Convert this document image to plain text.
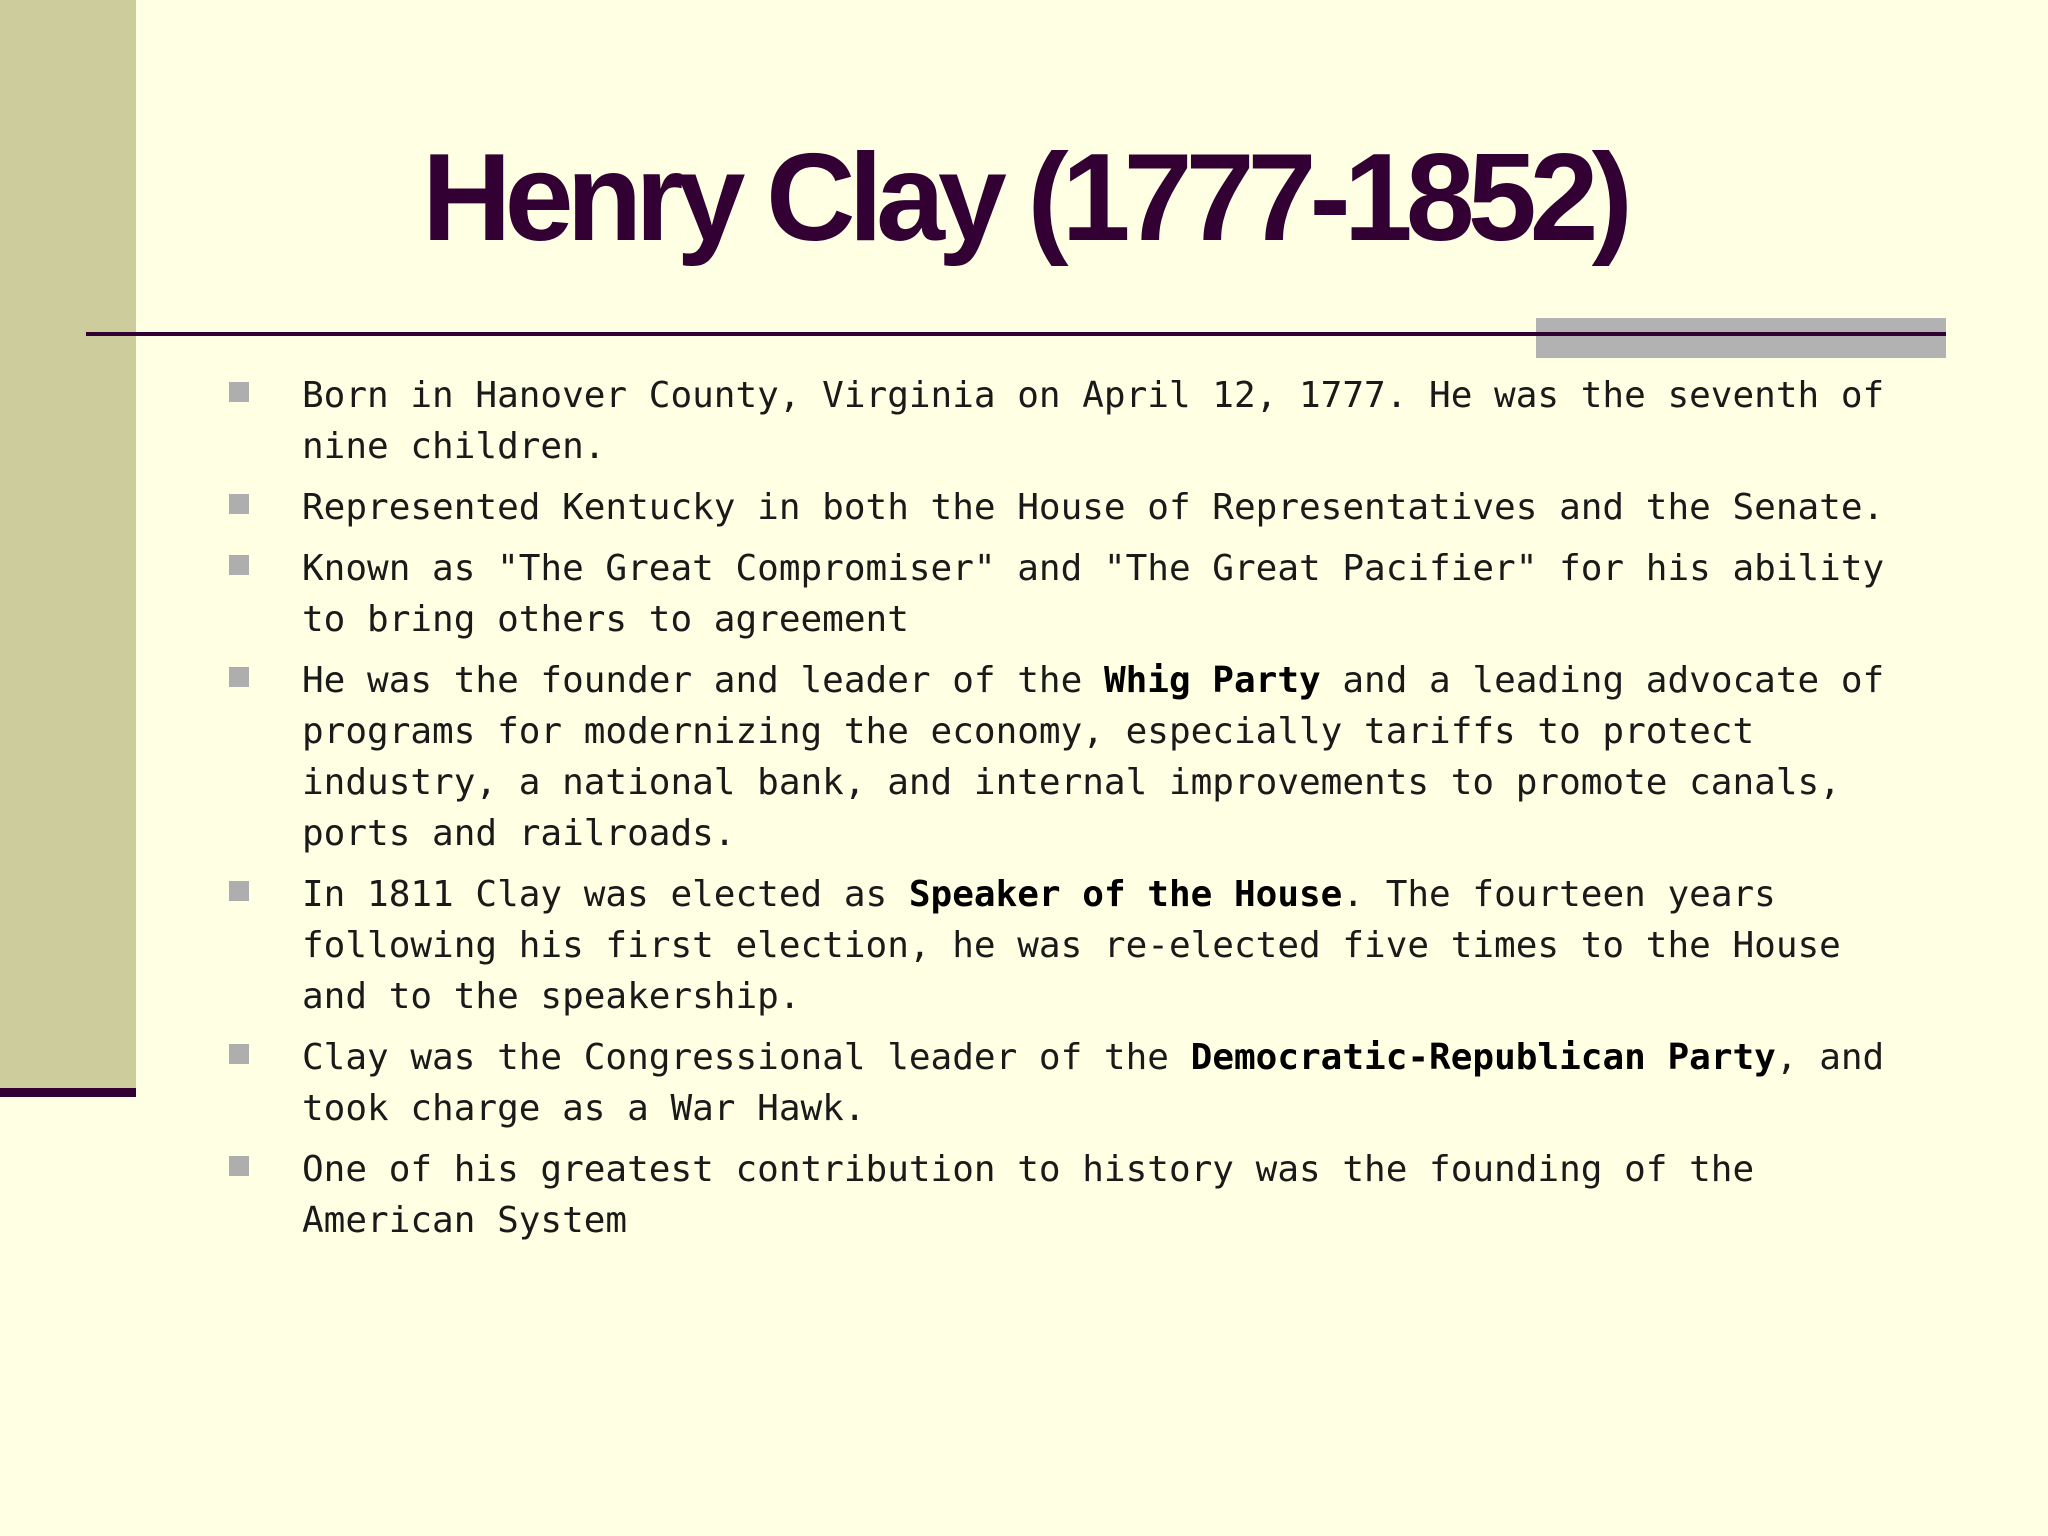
Henry Clay (1777-1852)
Born in Hanover County, Virginia on April 12, 1777. He was the seventh of nine children.
Represented Kentucky in both the House of Representatives and the Senate.
Known as "The Great Compromiser" and "The Great Pacifier" for his ability to bring others to agreement
He was the founder and leader of the Whig Party and a leading advocate of programs for modernizing the economy, especially tariffs to protect industry, a national bank, and internal improvements to promote canals, ports and railroads.
In 1811 Clay was elected as Speaker of the House. The fourteen years following his first election, he was re-elected five times to the House and to the speakership.
Clay was the Congressional leader of the Democratic-Republican Party, and took charge as a War Hawk.
One of his greatest contribution to history was the founding of the American System
